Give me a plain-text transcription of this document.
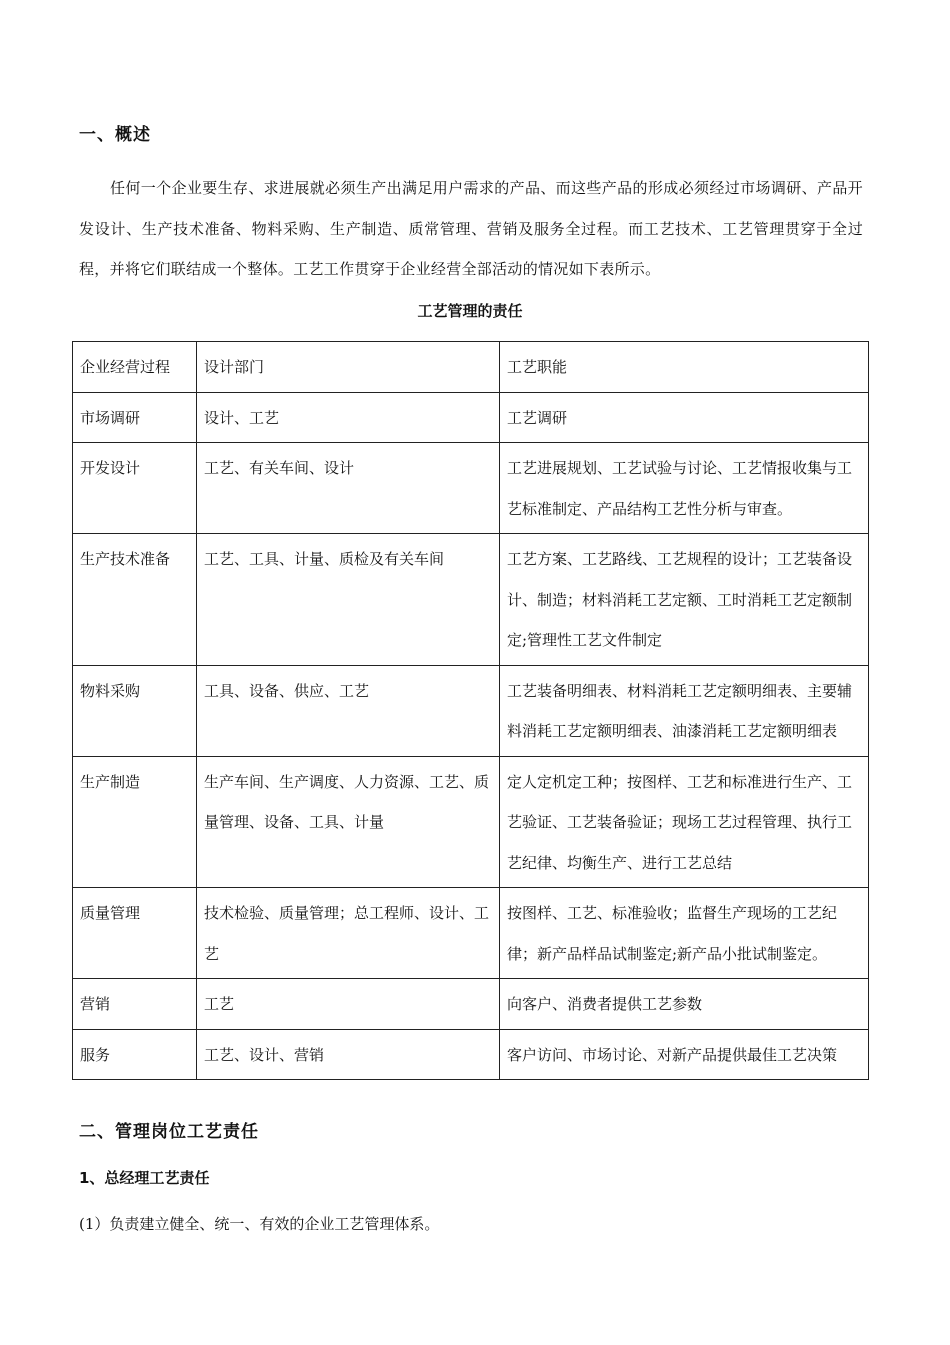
一、概述

任何一个企业要生存、求进展就必须生产出满足用户需求的产品、而这些产品的形成必须经过市场调研、产品开发设计、生产技术准备、物料采购、生产制造、质常管理、营销及服务全过程。而工艺技术、工艺管理贯穿于全过程，并将它们联结成一个整体。工艺工作贯穿于企业经营全部活动的情况如下表所示。

工艺管理的责任

企业经营过程	设计部门	工艺职能
市场调研	设计、工艺	工艺调研
开发设计	工艺、有关车间、设计	工艺进展规划、工艺试验与讨论、工艺情报收集与工艺标准制定、产品结构工艺性分析与审查。
生产技术准备	工艺、工具、计量、质检及有关车间	工艺方案、工艺路线、工艺规程的设计；工艺装备设计、制造；材料消耗工艺定额、工时消耗工艺定额制定;管理性工艺文件制定
物料采购	工具、设备、供应、工艺	工艺装备明细表、材料消耗工艺定额明细表、主要辅料消耗工艺定额明细表、油漆消耗工艺定额明细表
生产制造	生产车间、生产调度、人力资源、工艺、质量管理、设备、工具、计量	定人定机定工种；按图样、工艺和标准进行生产、工艺验证、工艺装备验证；现场工艺过程管理、执行工艺纪律、均衡生产、进行工艺总结
质量管理	技术检验、质量管理；总工程师、设计、工艺	按图样、工艺、标准验收；监督生产现场的工艺纪律；新产品样品试制鉴定;新产品小批试制鉴定。
营销	工艺	向客户、消费者提供工艺参数
服务	工艺、设计、营销	客户访问、市场讨论、对新产品提供最佳工艺决策
二、管理岗位工艺责任

1、总经理工艺责任

(1）负责建立健全、统一、有效的企业工艺管理体系。
